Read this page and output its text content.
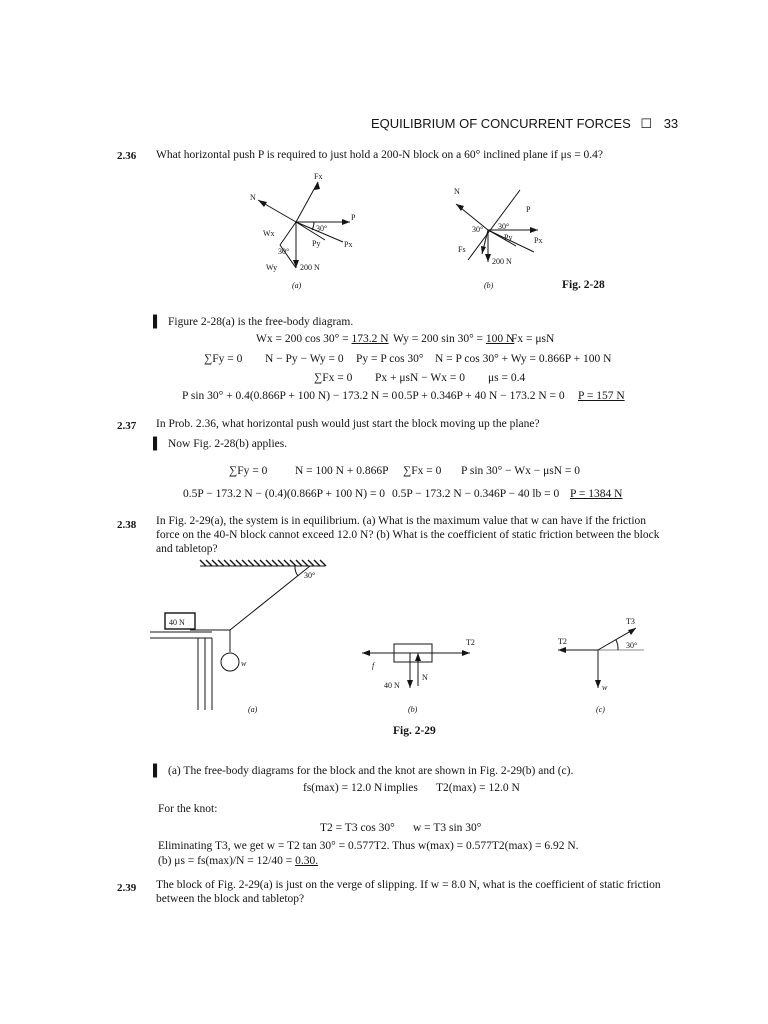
EQUILIBRIUM OF CONCURRENT FORCES ☐ 33
2.36 What horizontal push P is required to just hold a 200-N block on a 60° inclined plane if μs = 0.4?
Fx
N
P
30°
Wx
Py	Px
30°
Wy	200 N
(a)
N
P
30° 30°
Fs
Py	Px
200 N
(b)	Fig. 2-28
▌ Figure 2-28(a) is the free-body diagram.
Wx = 200 cos 30° = 173.2 N Wy = 200 sin 30° = 100 N
Fx = μsN
∑Fy = 0 N − Py − Wy = 0 Py = P cos 30° N = P cos 30° + Wy = 0.866P + 100 N
∑Fx = 0 Px + μsN − Wx = 0 μs = 0.4
P sin 30° + 0.4(0.866P + 100 N) − 173.2 N = 0 0.5P + 0.346P + 40 N − 173.2 N = 0 P = 157 N
2.37 In Prob. 2.36, what horizontal push would just start the block moving up the plane?
▌ Now Fig. 2-28(b) applies.
∑Fy = 0 N = 100 N + 0.866P ∑Fx = 0 P sin 30° − Wx − μsN = 0
0.5P − 173.2 N − (0.4)(0.866P + 100 N) = 0 0.5P − 173.2 N − 0.346P − 40 lb = 0 P = 1384 N
2.38 In Fig. 2-29(a), the system is in equilibrium. (a) What is the maximum value that w can have if the friction
force on the 40-N block cannot exceed 12.0 N? (b) What is the coefficient of static friction between the block
and tabletop?
30°
40 N
w
(a)
T2
f
40 N
N
(b)
T3
T2	30°
w
(c)
Fig. 2-29
▌ (a) The free-body diagrams for the block and the knot are shown in Fig. 2-29(b) and (c).
fs(max) = 12.0 N implies T2(max) = 12.0 N
For the knot:
T2 = T3 cos 30° w = T3 sin 30°
Eliminating T3, we get w = T2 tan 30° = 0.577T2. Thus w(max) = 0.577T2(max) = 6.92 N.
(b) μs = fs(max)/N = 12/40 = 0.30.
2.39 The block of Fig. 2-29(a) is just on the verge of slipping. If w = 8.0 N, what is the coefficient of static friction
between the block and tabletop?
